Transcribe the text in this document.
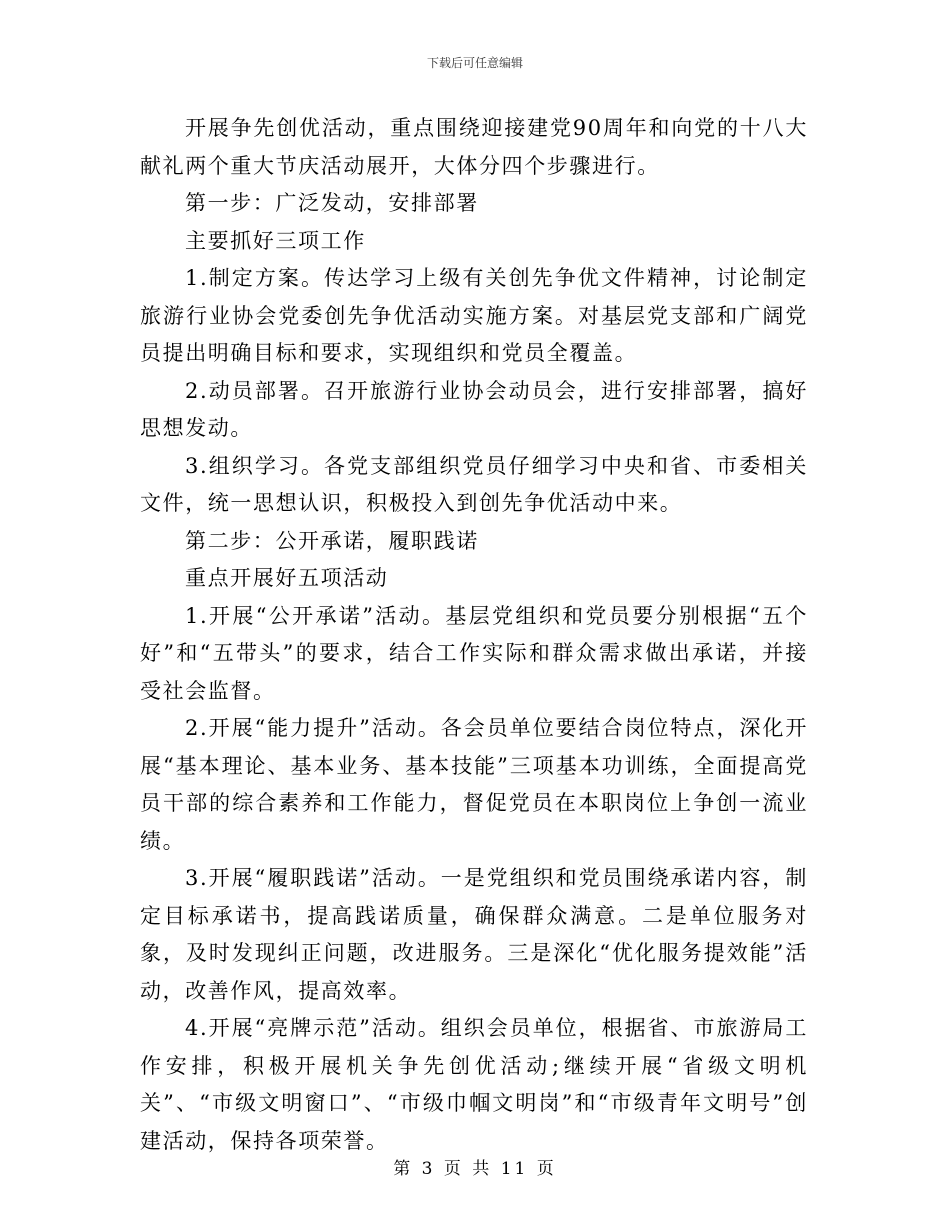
下载后可任意编辑

开展争先创优活动，重点围绕迎接建党90周年和向党的十八大献礼两个重大节庆活动展开，大体分四个步骤进行。

第一步：广泛发动，安排部署

主要抓好三项工作

1.制定方案。传达学习上级有关创先争优文件精神，讨论制定旅游行业协会党委创先争优活动实施方案。对基层党支部和广阔党员提出明确目标和要求，实现组织和党员全覆盖。

2.动员部署。召开旅游行业协会动员会，进行安排部署，搞好思想发动。

3.组织学习。各党支部组织党员仔细学习中央和省、市委相关文件，统一思想认识，积极投入到创先争优活动中来。

第二步：公开承诺，履职践诺

重点开展好五项活动

1.开展“公开承诺”活动。基层党组织和党员要分别根据“五个好”和“五带头”的要求，结合工作实际和群众需求做出承诺，并接受社会监督。

2.开展“能力提升”活动。各会员单位要结合岗位特点，深化开展“基本理论、基本业务、基本技能”三项基本功训练，全面提高党员干部的综合素养和工作能力，督促党员在本职岗位上争创一流业绩。

3.开展“履职践诺”活动。一是党组织和党员围绕承诺内容，制定目标承诺书，提高践诺质量，确保群众满意。二是单位服务对象，及时发现纠正问题，改进服务。三是深化“优化服务提效能”活动，改善作风，提高效率。

4.开展“亮牌示范”活动。组织会员单位，根据省、市旅游局工作安排，积极开展机关争先创优活动;继续开展“省级文明机关”、“市级文明窗口”、“市级巾帼文明岗”和“市级青年文明号”创建活动，保持各项荣誉。

第 3 页 共 11 页
